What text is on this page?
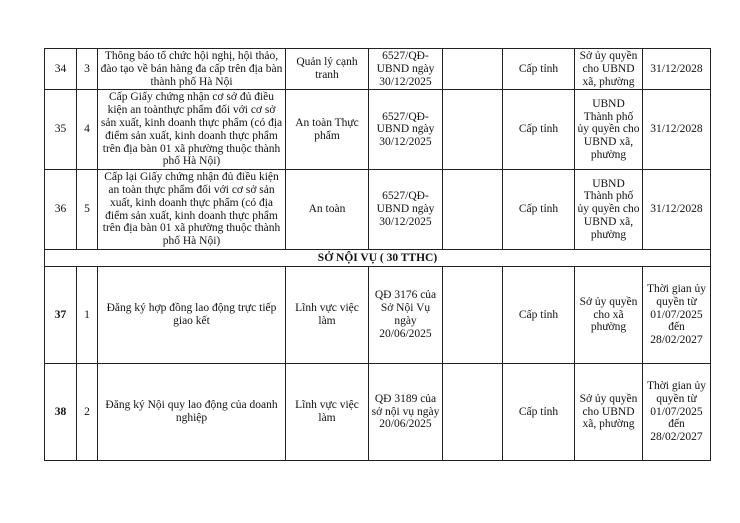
34	3	Thông báo tổ chức hội nghị, hội thảo, đào tạo về bán hàng đa cấp trên địa bàn thành phố Hà Nội	Quản lý cạnh tranh	6527/QĐ-UBND ngày 30/12/2025		Cấp tỉnh	Sở ủy quyền cho UBND xã, phường	31/12/2028
35	4	Cấp Giấy chứng nhận cơ sở đủ điều kiện an toànthực phẩm đối với cơ sở sản xuất, kinh doanh thực phẩm (có địa điểm sản xuất, kinh doanh thực phẩm trên địa bàn 01 xã phường thuộc thành phố Hà Nội)	An toàn Thực phẩm	6527/QĐ-UBND ngày 30/12/2025		Cấp tỉnh	UBND Thành phố ủy quyền cho UBND xã, phường	31/12/2028
36	5	Cấp lại Giấy chứng nhận đủ điều kiện an toàn thực phẩm đối với cơ sở sản xuất, kinh doanh thực phẩm (có địa điểm sản xuất, kinh doanh thực phẩm trên địa bàn 01 xã phường thuộc thành phố Hà Nội)	An toàn	6527/QĐ-UBND ngày 30/12/2025		Cấp tỉnh	UBND Thành phố ủy quyền cho UBND xã, phường	31/12/2028
SỞ NỘI VỤ ( 30 TTHC)								
37	1	Đăng ký hợp đồng lao động trực tiếp giao kết	Lĩnh vực việc làm	QĐ 3176 của Sở Nội Vụ ngày 20/06/2025		Cấp tỉnh	Sở ủy quyền cho xã phường	Thời gian ủy quyền từ 01/07/2025 đến 28/02/2027
38	2	Đăng ký Nội quy lao động của doanh nghiệp	Lĩnh vực việc làm	QĐ 3189 của sở nội vụ ngày 20/06/2025		Cấp tỉnh	Sở ủy quyền cho UBND xã, phường	Thời gian ủy quyền từ 01/07/2025 đến 28/02/2027
